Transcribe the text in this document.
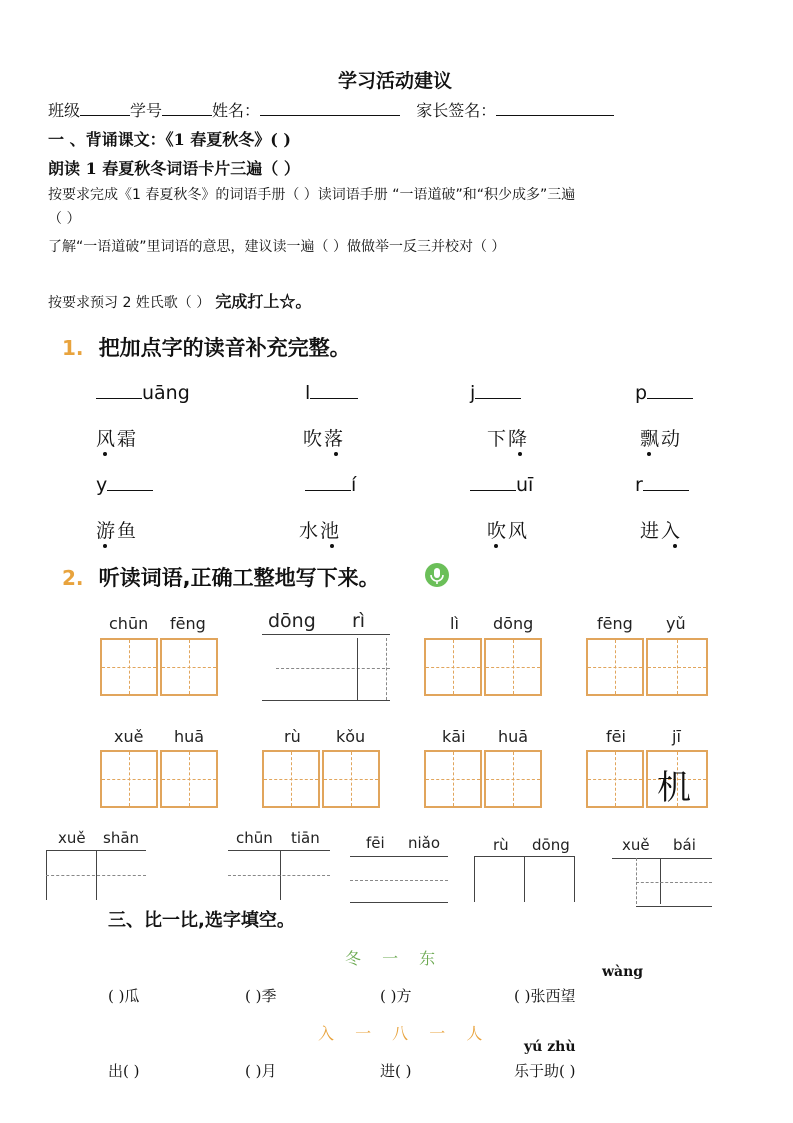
学习活动建议
班级	学号	姓名：	家长签名：
一 、背诵课文：《1 春夏秋冬》( )
朗读 1 春夏秋冬词语卡片三遍（ ）
按要求完成《1 春夏秋冬》的词语手册（ ）读词语手册 “一语道破”和“积少成多”三遍
（ ）
了解“一语道破”里词语的意思，建议读一遍（ ）做做举一反三并校对（ ）
按要求预习 2 姓氏歌（ ） 完成打上☆。
1. 把加点字的读音补充完整。
uāng	l	j	p
风霜	吹落	下降	飘动
y	í	uī	r
游鱼	水池	吹风	进入
2. 听读词语,正确工整地写下来。
chūn fēng	dōng rì	lì dōng	fēng yǔ
xuě huā	rù kǒu	kāi huā	fēi	jī
机
xuě shān	chūn tiān	fēi niǎo	rù dōng	xuě bái
三、比一比,选字填空。
冬 一 东
wàng
( )瓜	( )季	( )方	( )张西望
入 一 八 一 人
yú zhù
出( )	( )月	进( )	乐于助( )
